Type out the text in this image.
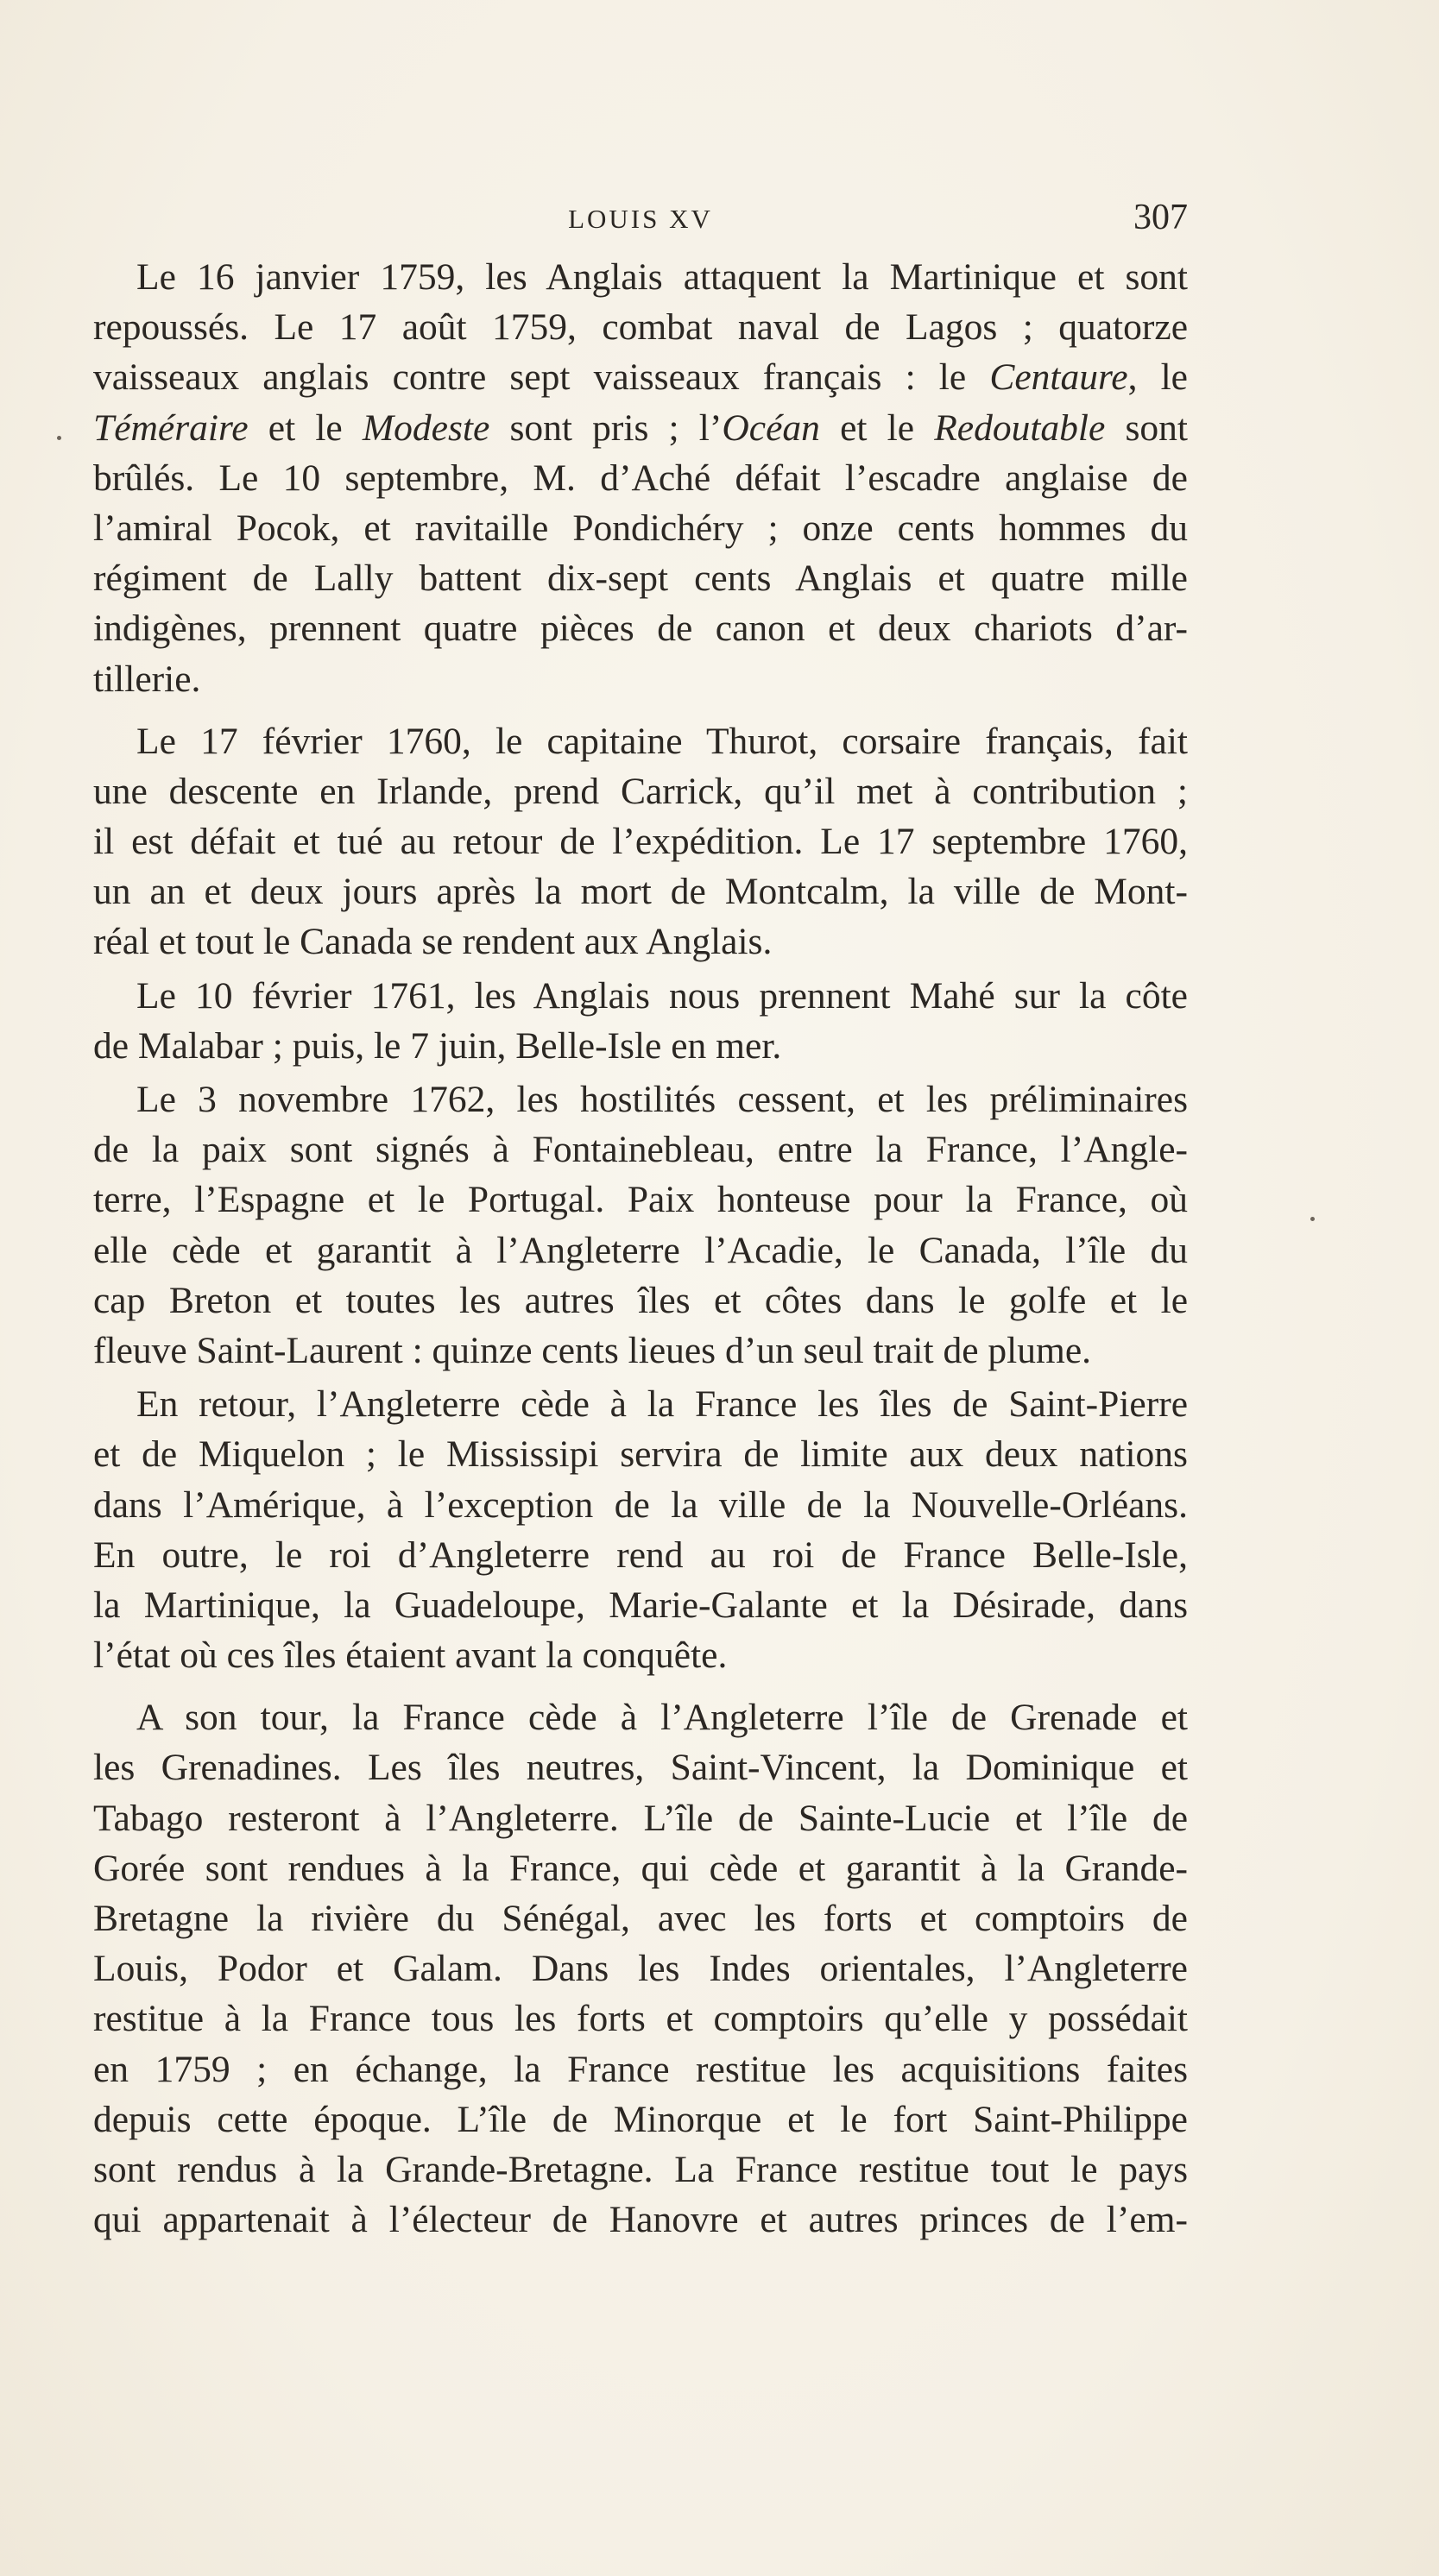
LOUIS XV	307
Le 16 janvier 1759, les Anglais attaquent la Martinique et sont
repoussés. Le 17 août 1759, combat naval de Lagos ; quatorze
vaisseaux anglais contre sept vaisseaux français : le Centaure, le
Téméraire et le Modeste sont pris ; l’Océan et le Redoutable sont
brûlés. Le 10 septembre, M. d’Aché défait l’escadre anglaise de
l’amiral Pocok, et ravitaille Pondichéry ; onze cents hommes du
régiment de Lally battent dix-sept cents Anglais et quatre mille
indigènes, prennent quatre pièces de canon et deux chariots d’ar-
tillerie.
Le 17 février 1760, le capitaine Thurot, corsaire français, fait
une descente en Irlande, prend Carrick, qu’il met à contribution ;
il est défait et tué au retour de l’expédition. Le 17 septembre 1760,
un an et deux jours après la mort de Montcalm, la ville de Mont-
réal et tout le Canada se rendent aux Anglais.
Le 10 février 1761, les Anglais nous prennent Mahé sur la côte
de Malabar ; puis, le 7 juin, Belle-Isle en mer.
Le 3 novembre 1762, les hostilités cessent, et les préliminaires
de la paix sont signés à Fontainebleau, entre la France, l’Angle-
terre, l’Espagne et le Portugal. Paix honteuse pour la France, où
elle cède et garantit à l’Angleterre l’Acadie, le Canada, l’île du
cap Breton et toutes les autres îles et côtes dans le golfe et le
fleuve Saint-Laurent : quinze cents lieues d’un seul trait de plume.
En retour, l’Angleterre cède à la France les îles de Saint-Pierre
et de Miquelon ; le Mississipi servira de limite aux deux nations
dans l’Amérique, à l’exception de la ville de la Nouvelle-Orléans.
En outre, le roi d’Angleterre rend au roi de France Belle-Isle,
la Martinique, la Guadeloupe, Marie-Galante et la Désirade, dans
l’état où ces îles étaient avant la conquête.
A son tour, la France cède à l’Angleterre l’île de Grenade et
les Grenadines. Les îles neutres, Saint-Vincent, la Dominique et
Tabago resteront à l’Angleterre. L’île de Sainte-Lucie et l’île de
Gorée sont rendues à la France, qui cède et garantit à la Grande-
Bretagne la rivière du Sénégal, avec les forts et comptoirs de
Louis, Podor et Galam. Dans les Indes orientales, l’Angleterre
restitue à la France tous les forts et comptoirs qu’elle y possédait
en 1759 ; en échange, la France restitue les acquisitions faites
depuis cette époque. L’île de Minorque et le fort Saint-Philippe
sont rendus à la Grande-Bretagne. La France restitue tout le pays
qui appartenait à l’électeur de Hanovre et autres princes de l’em-
